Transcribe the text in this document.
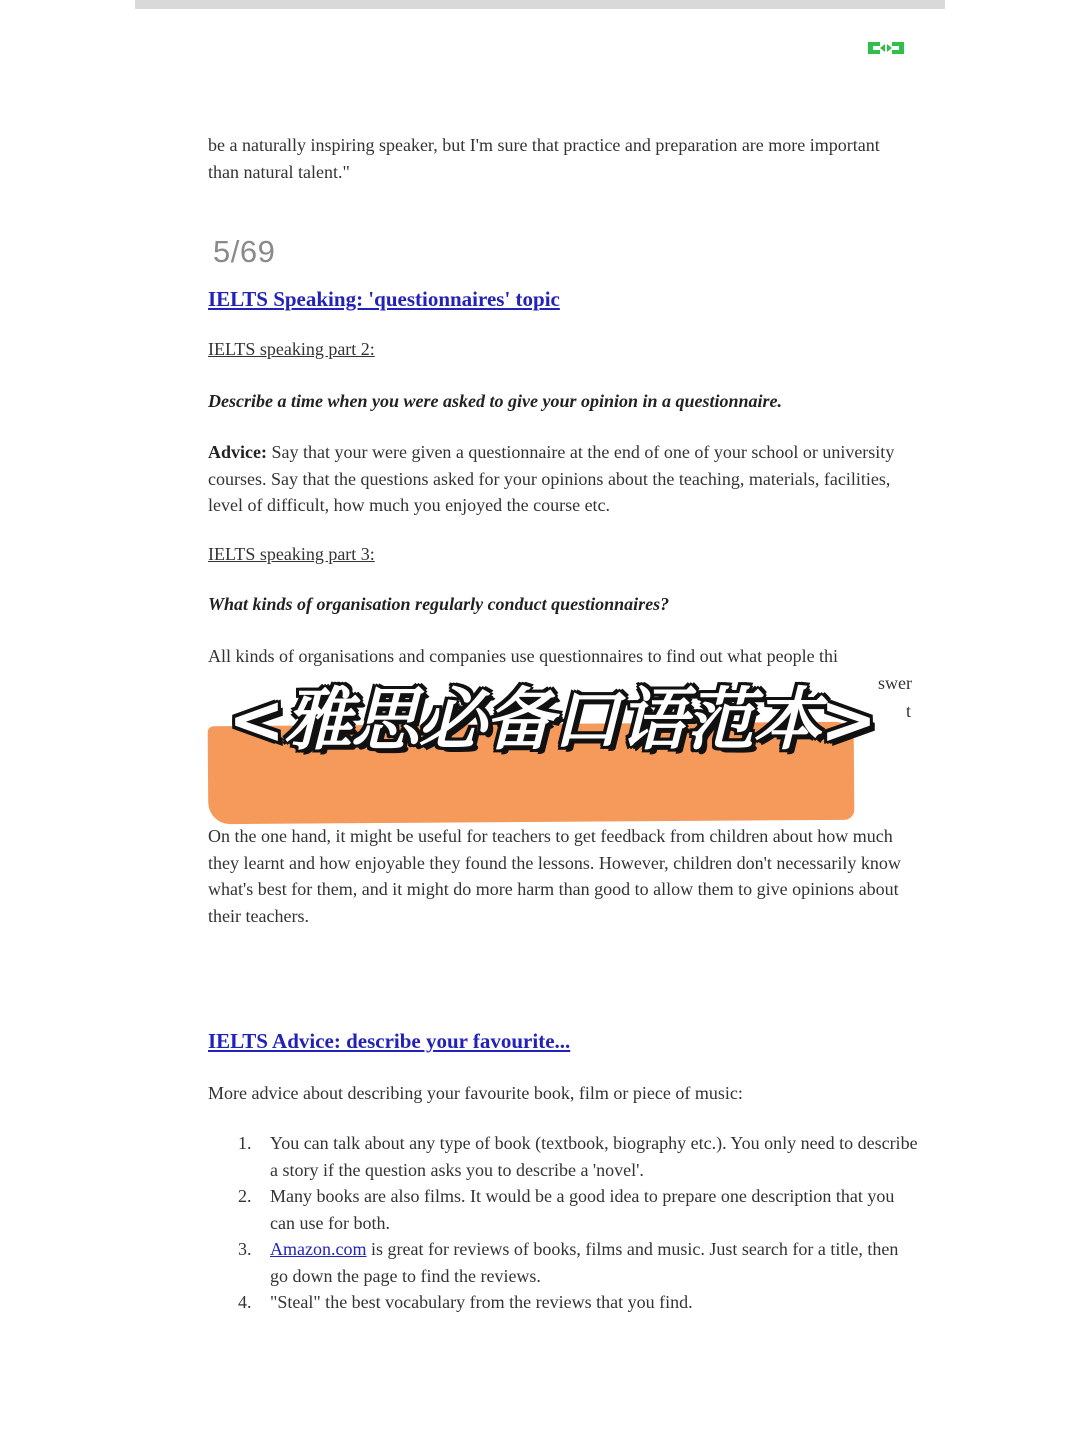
be a naturally inspiring speaker, but I'm sure that practice and preparation are more important than natural talent."
5/69
IELTS Speaking: 'questionnaires' topic
IELTS speaking part 2:
Describe a time when you were asked to give your opinion in a questionnaire.
Advice: Say that your were given a questionnaire at the end of one of your school or university courses. Say that the questions asked for your opinions about the teaching, materials, facilities, level of difficult, how much you enjoyed the course etc.
IELTS speaking part 3:
What kinds of organisation regularly conduct questionnaires?
All kinds of organisations and companies use questionnaires to find out what people thi
swer
t
<雅思必备口语范本>
On the one hand, it might be useful for teachers to get feedback from children about how much they learnt and how enjoyable they found the lessons. However, children don't necessarily know what's best for them, and it might do more harm than good to allow them to give opinions about their teachers.
IELTS Advice: describe your favourite...
More advice about describing your favourite book, film or piece of music:

1. You can talk about any type of book (textbook, biography etc.). You only need to describe a story if the question asks you to describe a 'novel'.

2. Many books are also films. It would be a good idea to prepare one description that you can use for both.

3. Amazon.com is great for reviews of books, films and music. Just search for a title, then go down the page to find the reviews.

4. "Steal" the best vocabulary from the reviews that you find.
